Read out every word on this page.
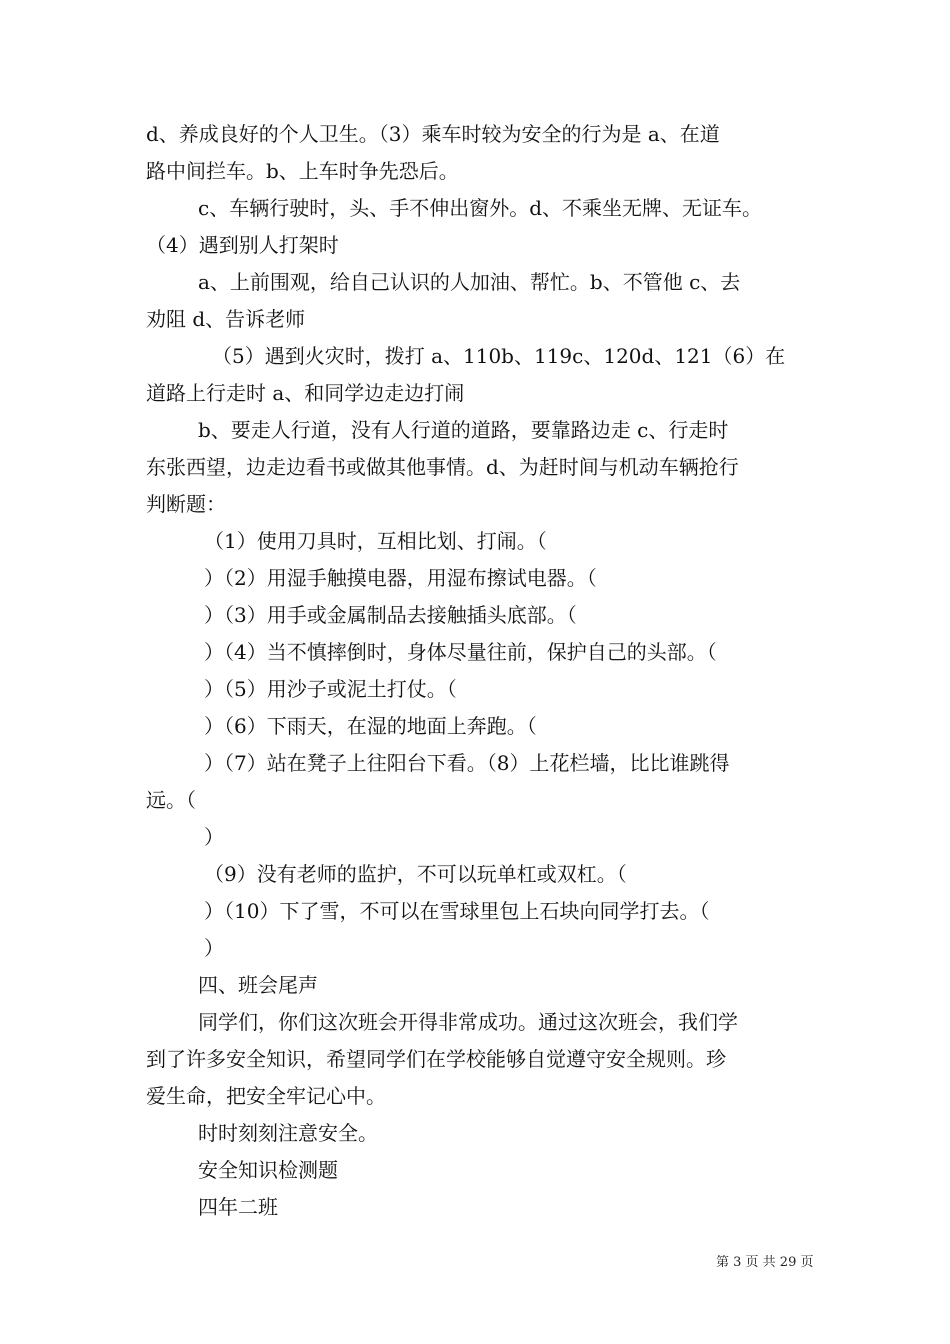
d、养成良好的个人卫生。（3）乘车时较为安全的行为是 a、在道
路中间拦车。b、上车时争先恐后。
c、车辆行驶时，头、手不伸出窗外。d、不乘坐无牌、无证车。
（4）遇到别人打架时
a、上前围观，给自己认识的人加油、帮忙。b、不管他 c、去
劝阻 d、告诉老师
（5）遇到火灾时，拨打 a、110b、119c、120d、121（6）在
道路上行走时 a、和同学边走边打闹
b、要走人行道，没有人行道的道路，要靠路边走 c、行走时
东张西望，边走边看书或做其他事情。d、为赶时间与机动车辆抢行
判断题：
（1）使用刀具时，互相比划、打闹。（
）（2）用湿手触摸电器，用湿布擦试电器。（
）（3）用手或金属制品去接触插头底部。（
）（4）当不慎摔倒时，身体尽量往前，保护自己的头部。（
）（5）用沙子或泥土打仗。（
）（6）下雨天，在湿的地面上奔跑。（
）（7）站在凳子上往阳台下看。（8）上花栏墙，比比谁跳得
远。（
）
（9）没有老师的监护，不可以玩单杠或双杠。（
）（10）下了雪，不可以在雪球里包上石块向同学打去。（
）
四、班会尾声
同学们，你们这次班会开得非常成功。通过这次班会，我们学
到了许多安全知识，希望同学们在学校能够自觉遵守安全规则。珍
爱生命，把安全牢记心中。
时时刻刻注意安全。
安全知识检测题
四年二班
第 3 页 共 29 页
